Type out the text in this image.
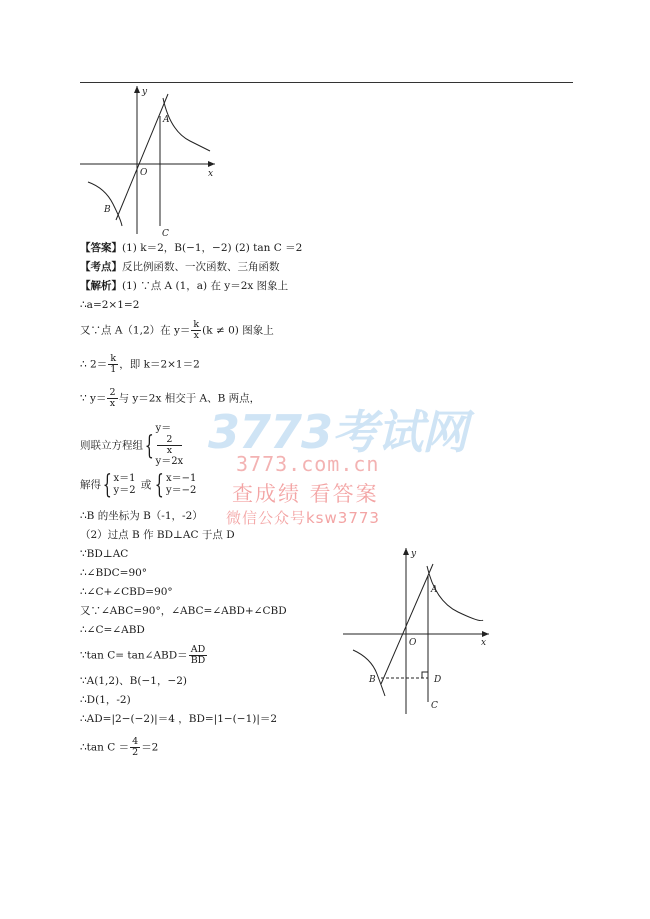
y
x
O
A
B
C
【答案】(1) k＝2，B(−1，−2) (2) tan C ＝2
【考点】反比例函数、一次函数、三角函数
【解析】(1) ∵点 A (1，a) 在 y＝2x 图象上
∴a=2×1=2
又∵点 A（1,2）在 $y= \frac{k}{x} (k \ne 0)$ 图象上
∴ $2= \frac{k}{1}$ ，即 k＝2×1＝2
∵ $y= \frac{2}{x}$ 与 y＝2x 相交于 A、B 两点，
则联立方程组{
y＝
2
x
y＝2x
解得{ x＝1
y＝2 或 { x＝−1
y＝−2
∴B 的坐标为 B（-1，-2）
（2）过点 B 作 BD⊥AC 于点 D
∵BD⊥AC
∴∠BDC=90°
∴∠C+∠CBD=90°
又∵∠ABC=90°，∠ABC=∠ABD+∠CBD
∴∠C=∠ABD
∵tan C= tan∠ABD＝ $\frac{AD}{BD}$
∵A(1,2)、B(−1，−2)
∴D(1，-2)
∴AD=|2−(−2)|＝4 ，BD=|1−(−1)|＝2
∴tan $C = \frac{4}{2} =2$
y
x
O
A
B
C
D
3773考试网
3773.com.cn
查成绩 看答案
微信公众号ksw3773
